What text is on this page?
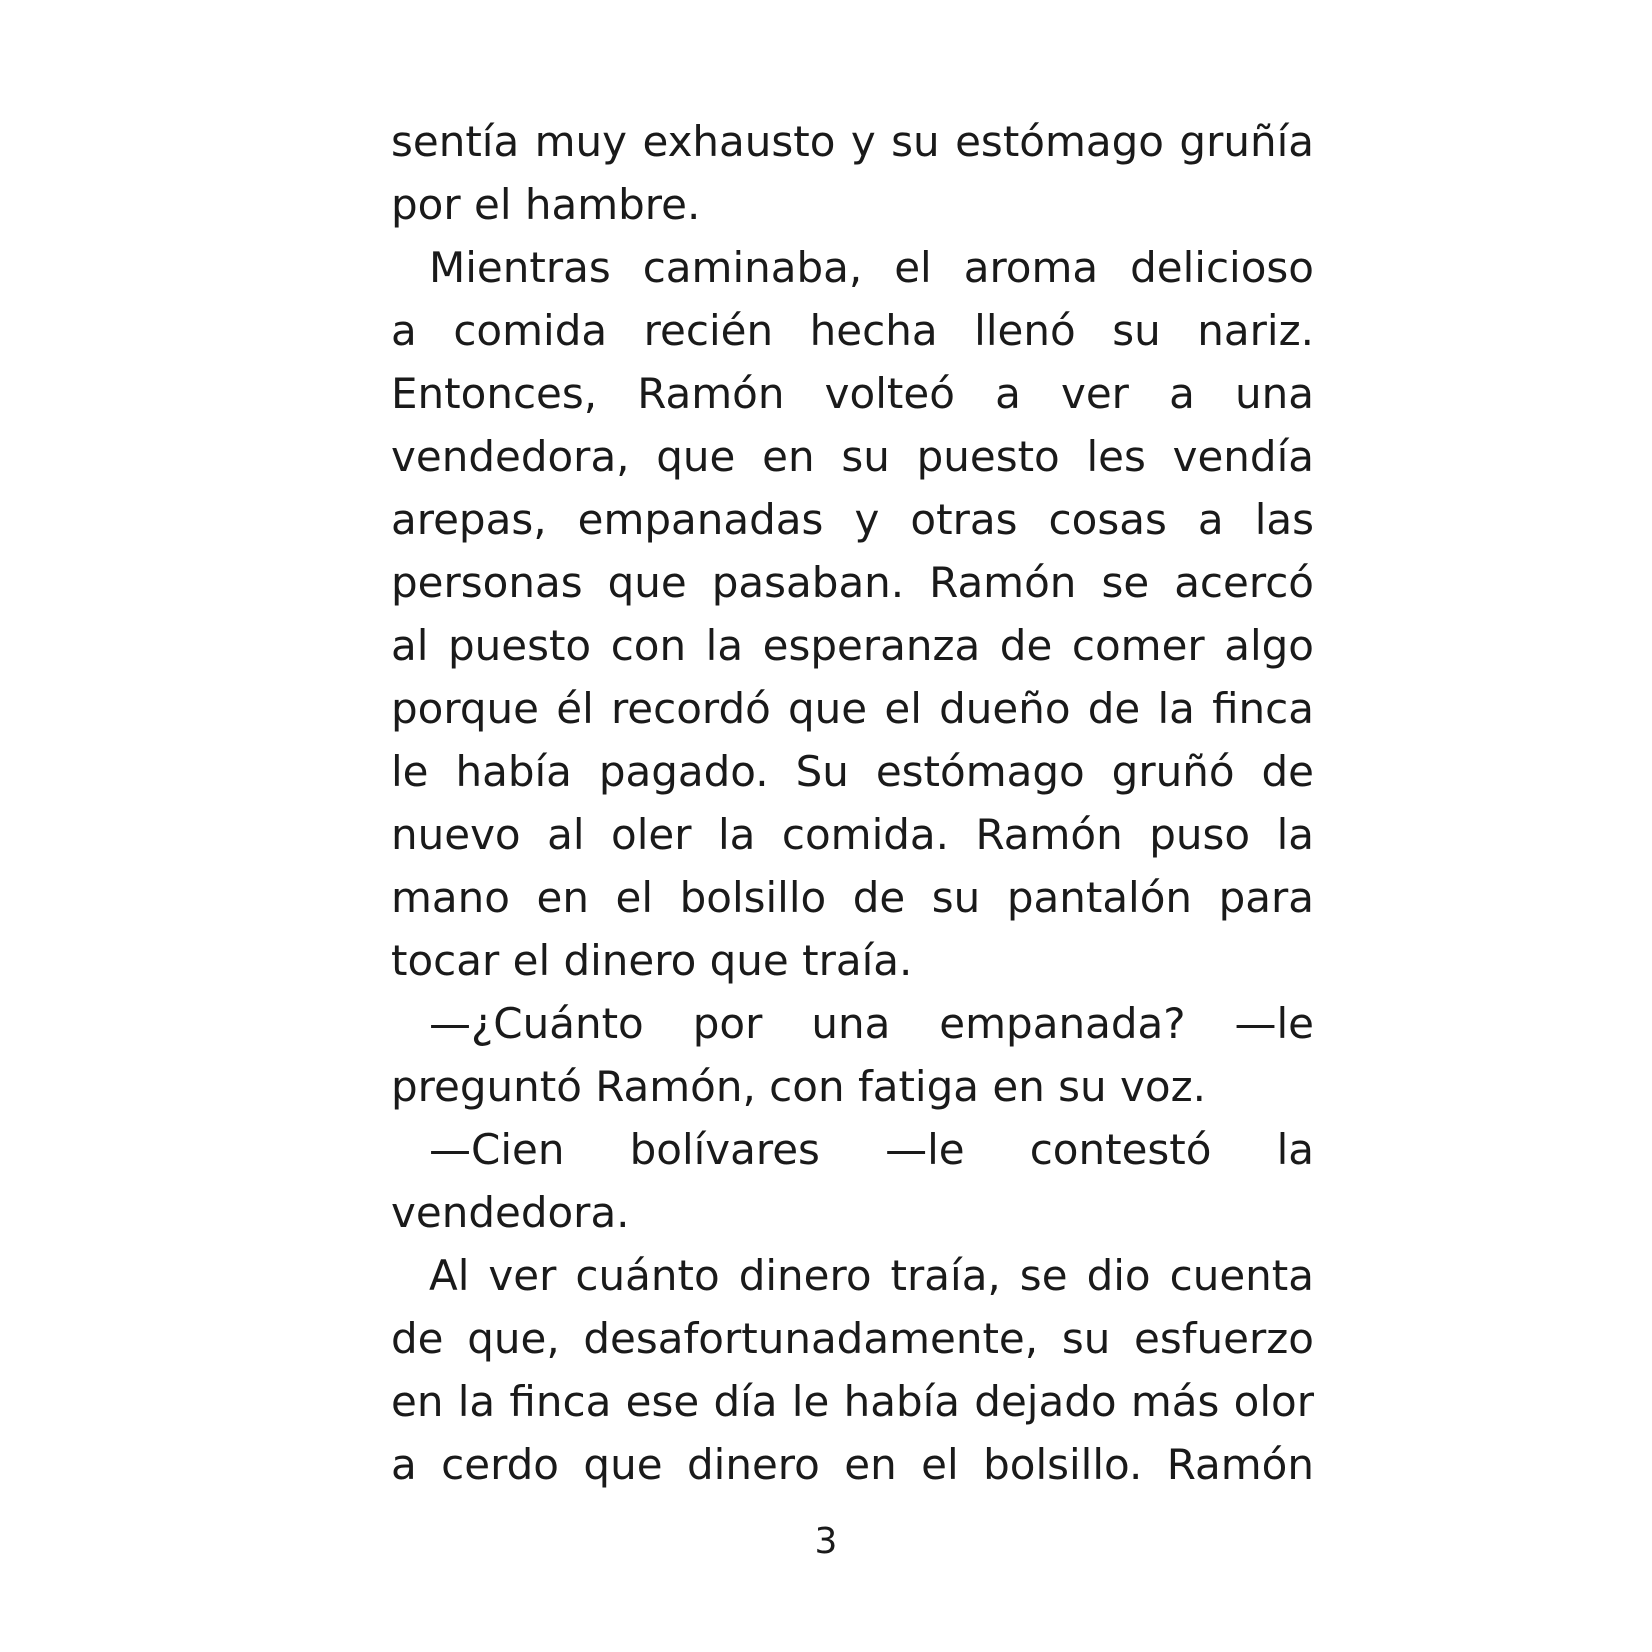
sentía muy exhausto y su estómago gruñía
por el hambre.
Mientras caminaba, el aroma delicioso
a comida recién hecha llenó su nariz.
Entonces, Ramón volteó a ver a una
vendedora, que en su puesto les vendía
arepas, empanadas y otras cosas a las
personas que pasaban. Ramón se acercó
al puesto con la esperanza de comer algo
porque él recordó que el dueño de la finca
le había pagado. Su estómago gruñó de
nuevo al oler la comida. Ramón puso la
mano en el bolsillo de su pantalón para
tocar el dinero que traía.
—¿Cuánto por una empanada? —le
preguntó Ramón, con fatiga en su voz.
—Cien bolívares —le contestó la
vendedora.
Al ver cuánto dinero traía, se dio cuenta
de que, desafortunadamente, su esfuerzo
en la finca ese día le había dejado más olor
a cerdo que dinero en el bolsillo. Ramón
3
